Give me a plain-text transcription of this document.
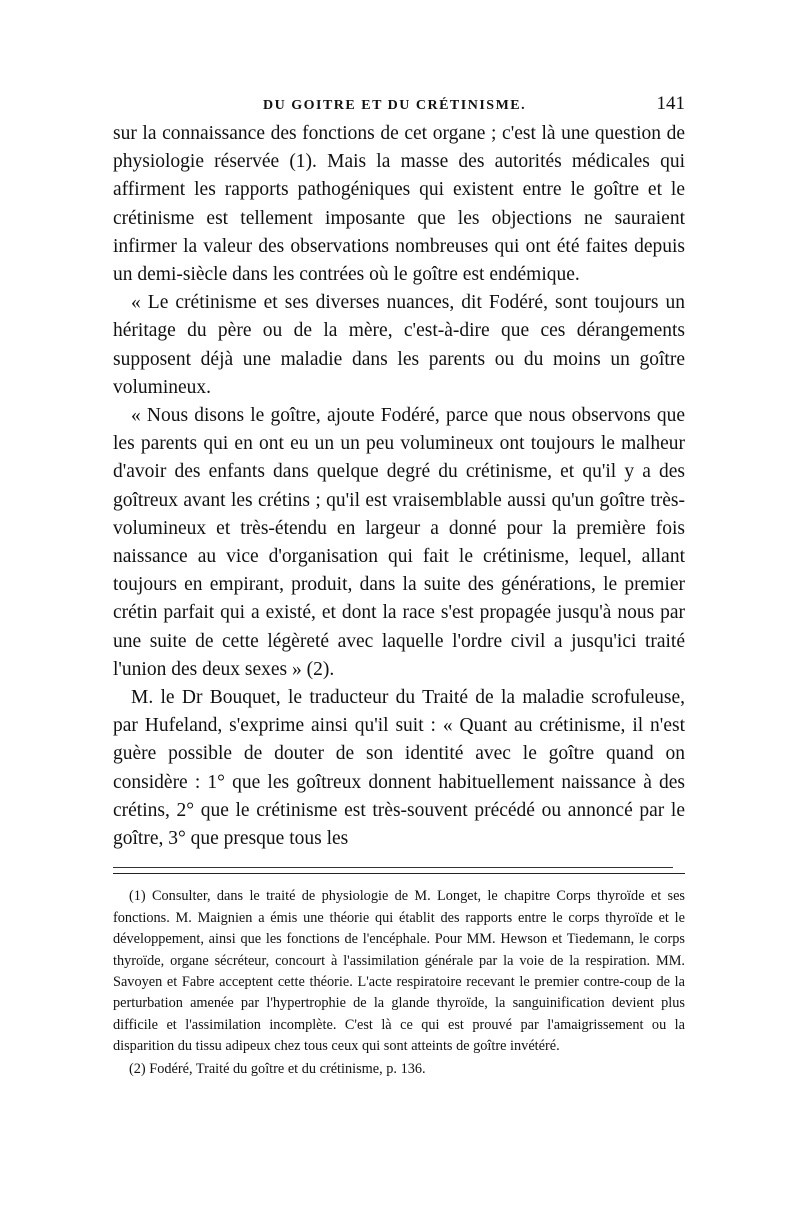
DU GOITRE ET DU CRÉTINISME.	141

sur la connaissance des fonctions de cet organe ; c'est là une question de physiologie réservée (1). Mais la masse des autorités médicales qui affirment les rapports pathogéniques qui existent entre le goître et le crétinisme est tellement imposante que les objections ne sauraient infirmer la valeur des observations nombreuses qui ont été faites depuis un demi-siècle dans les contrées où le goître est endémique.

« Le crétinisme et ses diverses nuances, dit Fodéré, sont toujours un héritage du père ou de la mère, c'est-à-dire que ces dérangements supposent déjà une maladie dans les parents ou du moins un goître volumineux.

« Nous disons le goître, ajoute Fodéré, parce que nous observons que les parents qui en ont eu un un peu volumineux ont toujours le malheur d'avoir des enfants dans quelque degré du crétinisme, et qu'il y a des goîtreux avant les crétins ; qu'il est vraisemblable aussi qu'un goître très-volumineux et très-étendu en largeur a donné pour la première fois naissance au vice d'organisation qui fait le crétinisme, lequel, allant toujours en empirant, produit, dans la suite des générations, le premier crétin parfait qui a existé, et dont la race s'est propagée jusqu'à nous par une suite de cette légèreté avec laquelle l'ordre civil a jusqu'ici traité l'union des deux sexes » (2).

M. le Dr Bouquet, le traducteur du Traité de la maladie scrofuleuse, par Hufeland, s'exprime ainsi qu'il suit : « Quant au crétinisme, il n'est guère possible de douter de son identité avec le goître quand on considère : 1° que les goîtreux donnent habituellement naissance à des crétins, 2° que le crétinisme est très-souvent précédé ou annoncé par le goître, 3° que presque tous les

(1) Consulter, dans le traité de physiologie de M. Longet, le chapitre Corps thyroïde et ses fonctions. M. Maignien a émis une théorie qui établit des rapports entre le corps thyroïde et le développement, ainsi que les fonctions de l'encéphale. Pour MM. Hewson et Tiedemann, le corps thyroïde, organe sécréteur, concourt à l'assimilation générale par la voie de la respiration. MM. Savoyen et Fabre acceptent cette théorie. L'acte respiratoire recevant le premier contre-coup de la perturbation amenée par l'hypertrophie de la glande thyroïde, la sanguinification devient plus difficile et l'assimilation incomplète. C'est là ce qui est prouvé par l'amaigrissement ou la disparition du tissu adipeux chez tous ceux qui sont atteints de goître invétéré.

(2) Fodéré, Traité du goître et du crétinisme, p. 136.
